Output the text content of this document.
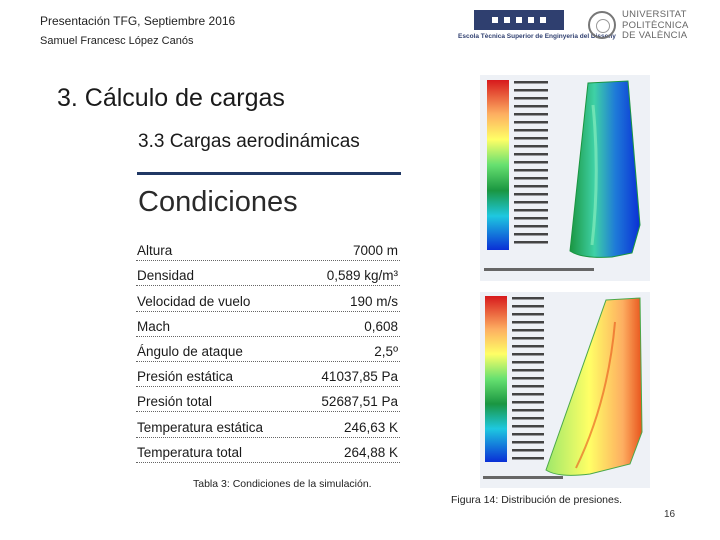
Presentación TFG, Septiembre 2016
Samuel Francesc López Canós	Escola Tècnica Superior de Enginyeria del Disseny
UNIVERSITAT
POLITÈCNICA
DE VALÈNCIA
3. Cálculo de cargas
3.3 Cargas aerodinámicas
Condiciones
Altura	7000 m
Densidad	0,589 kg/m³
Velocidad de vuelo	190 m/s
Mach	0,608
Ángulo de ataque	2,5º
Presión estática	41037,85 Pa
Presión total	52687,51 Pa
Temperatura estática	246,63 K
Temperatura total	264,88 K
Tabla 3: Condiciones de la simulación.
Figura 14: Distribución de presiones.
16
